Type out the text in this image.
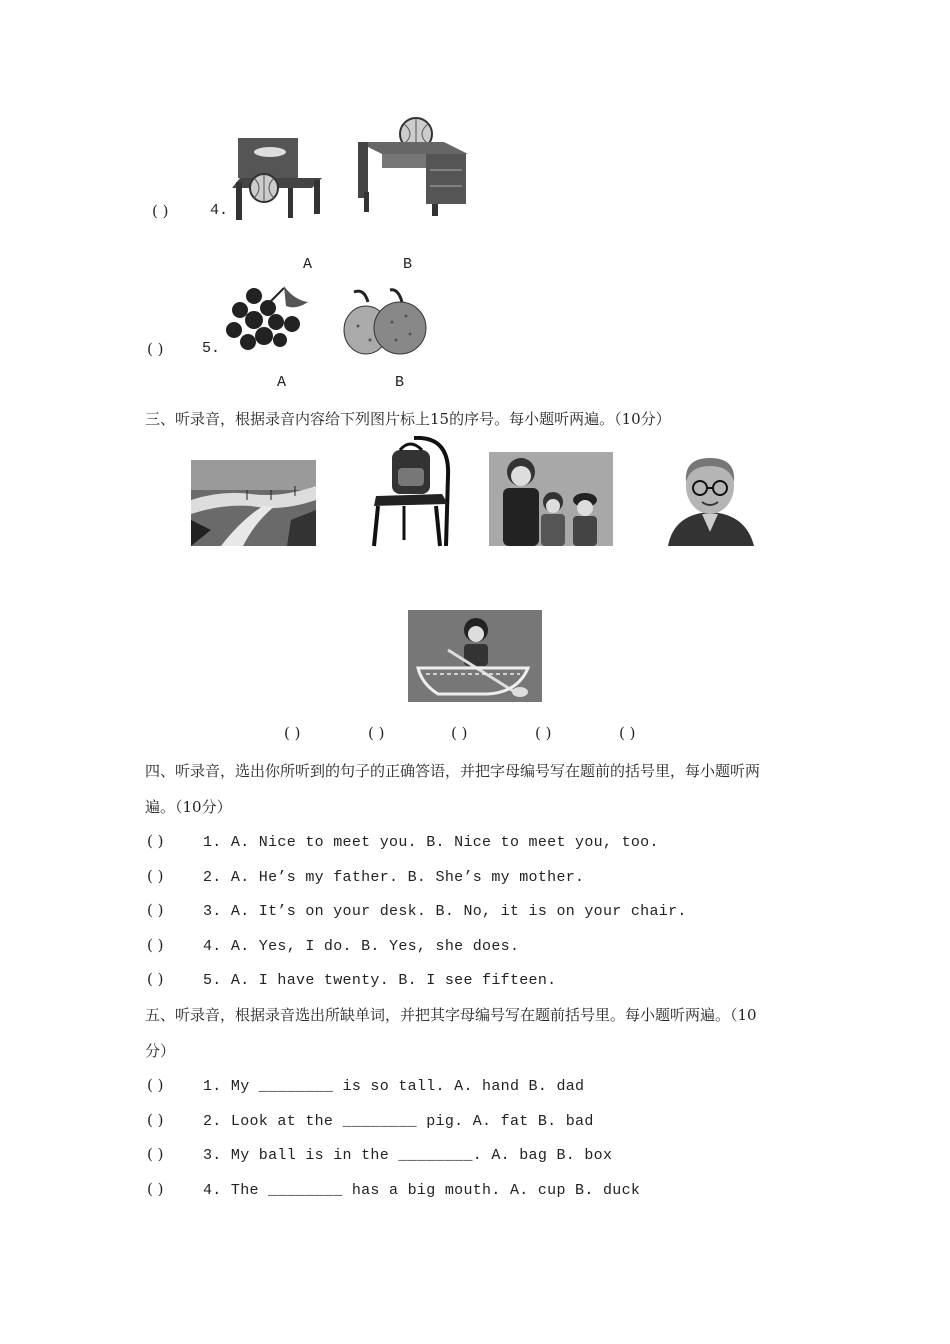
( )	4.
A	B
( )	5.
A	B
三、听录音，根据录音内容给下列图片标上15的序号。每小题听两遍。（10分）
( )	( )	( )	( )	( )
四、听录音，选出你所听到的句子的正确答语，并把字母编号写在题前的括号里，每小题听两
遍。（10分）
( )	1. A. Nice to meet you. B. Nice to meet you, too.
( )	2. A. He’s my father. B. She’s my mother.
( )	3. A. It’s on your desk. B. No, it is on your chair.
( )	4. A. Yes, I do. B. Yes, she does.
( )	5. A. I have twenty. B. I see fifteen.
五、听录音，根据录音选出所缺单词，并把其字母编号写在题前括号里。每小题听两遍。（10
分）
( )	1. My ________ is so tall. A. hand B. dad
( )	2. Look at the ________ pig. A. fat B. bad
( )	3. My ball is in the ________. A. bag B. box
( )	4. The ________ has a big mouth. A. cup B. duck
